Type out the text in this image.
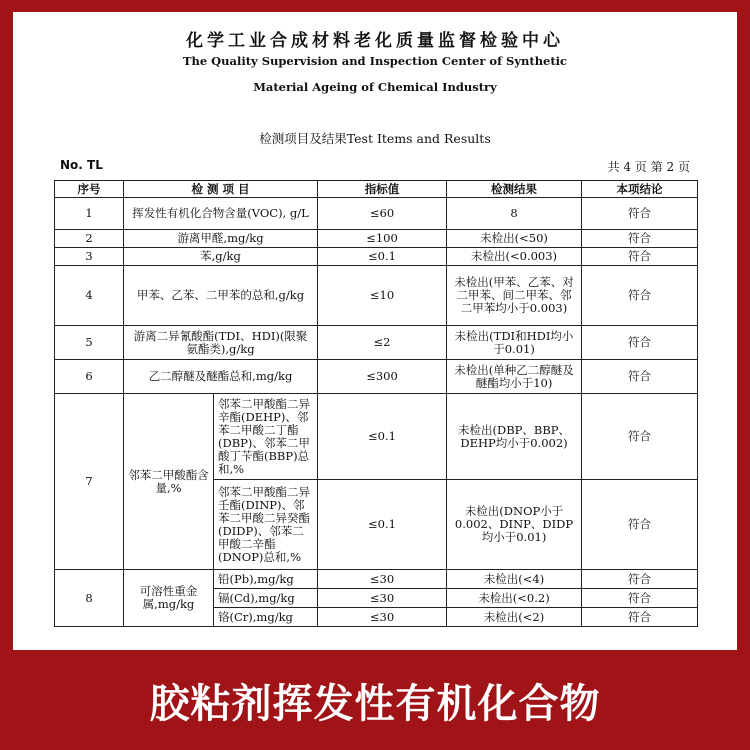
化学工业合成材料老化质量监督检验中心
The Quality Supervision and Inspection Center of Synthetic
Material Ageing of Chemical Industry
检测项目及结果Test Items and Results
No. TL	共 4 页 第 2 页
序号	检 测 项 目		指标值	检测结果	本项结论
1	挥发性有机化合物含量(VOC), g/L		≤60	8	符合
2	游离甲醛,mg/kg		≤100	未检出(<50)	符合
3	苯,g/kg		≤0.1	未检出(<0.003)	符合
4	甲苯、乙苯、二甲苯的总和,g/kg		≤10	未检出(甲苯、乙苯、对二甲苯、间二甲苯、邻二甲苯均小于0.003)	符合
5	游离二异氰酸酯(TDI、HDI)(限聚氨酯类),g/kg		≤2	未检出(TDI和HDI均小于0.01)	符合
6	乙二醇醚及醚酯总和,mg/kg		≤300	未检出(单种乙二醇醚及醚酯均小于10)	符合
7	邻苯二甲酸酯含量,%	邻苯二甲酸酯二异辛酯(DEHP)、邻苯二甲酸二丁酯(DBP)、邻苯二甲酸丁苄酯(BBP)总和,%	≤0.1	未检出(DBP、BBP、DEHP均小于0.002)	符合
		邻苯二甲酸酯二异壬酯(DINP)、邻苯二甲酸二异癸酯(DIDP)、邻苯二甲酸二辛酯(DNOP)总和,%	≤0.1	未检出(DNOP小于0.002、DINP、DIDP均小于0.01)	符合
8	可溶性重金属,mg/kg	铅(Pb),mg/kg	≤30	未检出(<4)	符合
		镉(Cd),mg/kg	≤30	未检出(<0.2)	符合
		铬(Cr),mg/kg	≤30	未检出(<2)	符合
胶粘剂挥发性有机化合物
